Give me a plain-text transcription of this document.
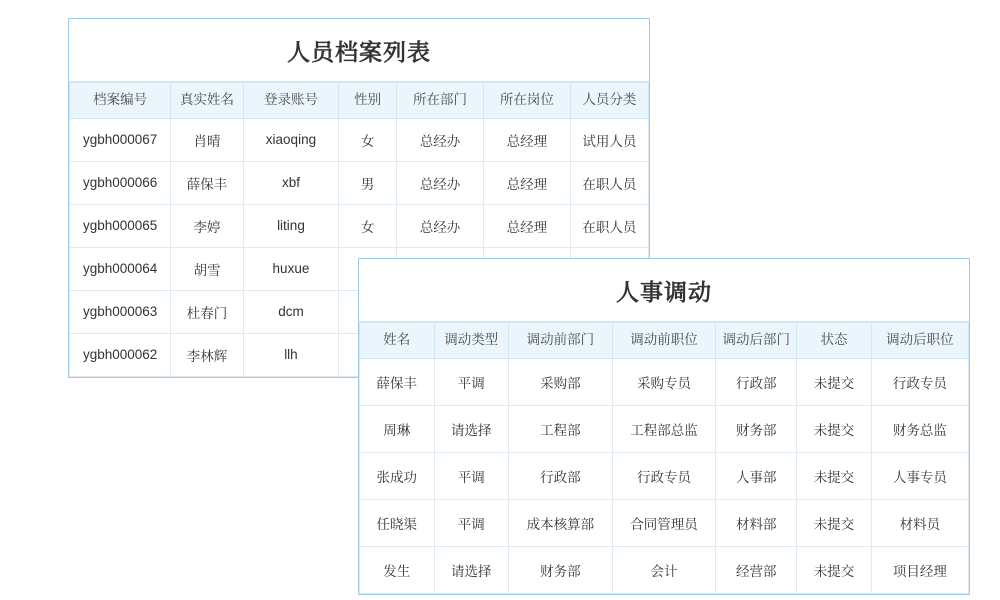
人员档案列表
档案编号	真实姓名	登录账号	性别	所在部门	所在岗位	人员分类
ygbh000067	肖晴	xiaoqing	女	总经办	总经理	试用人员
ygbh000066	薛保丰	xbf	男	总经办	总经理	在职人员
ygbh000065	李婷	liting	女	总经办	总经理	在职人员
ygbh000064	胡雪	huxue				
ygbh000063	杜春门	dcm				
ygbh000062	李林辉	llh				
人事调动
姓名	调动类型	调动前部门	调动前职位	调动后部门	状态	调动后职位
薛保丰	平调	采购部	采购专员	行政部	未提交	行政专员
周琳	请选择	工程部	工程部总监	财务部	未提交	财务总监
张成功	平调	行政部	行政专员	人事部	未提交	人事专员
任晓渠	平调	成本核算部	合同管理员	材料部	未提交	材料员
发生	请选择	财务部	会计	经营部	未提交	项目经理
